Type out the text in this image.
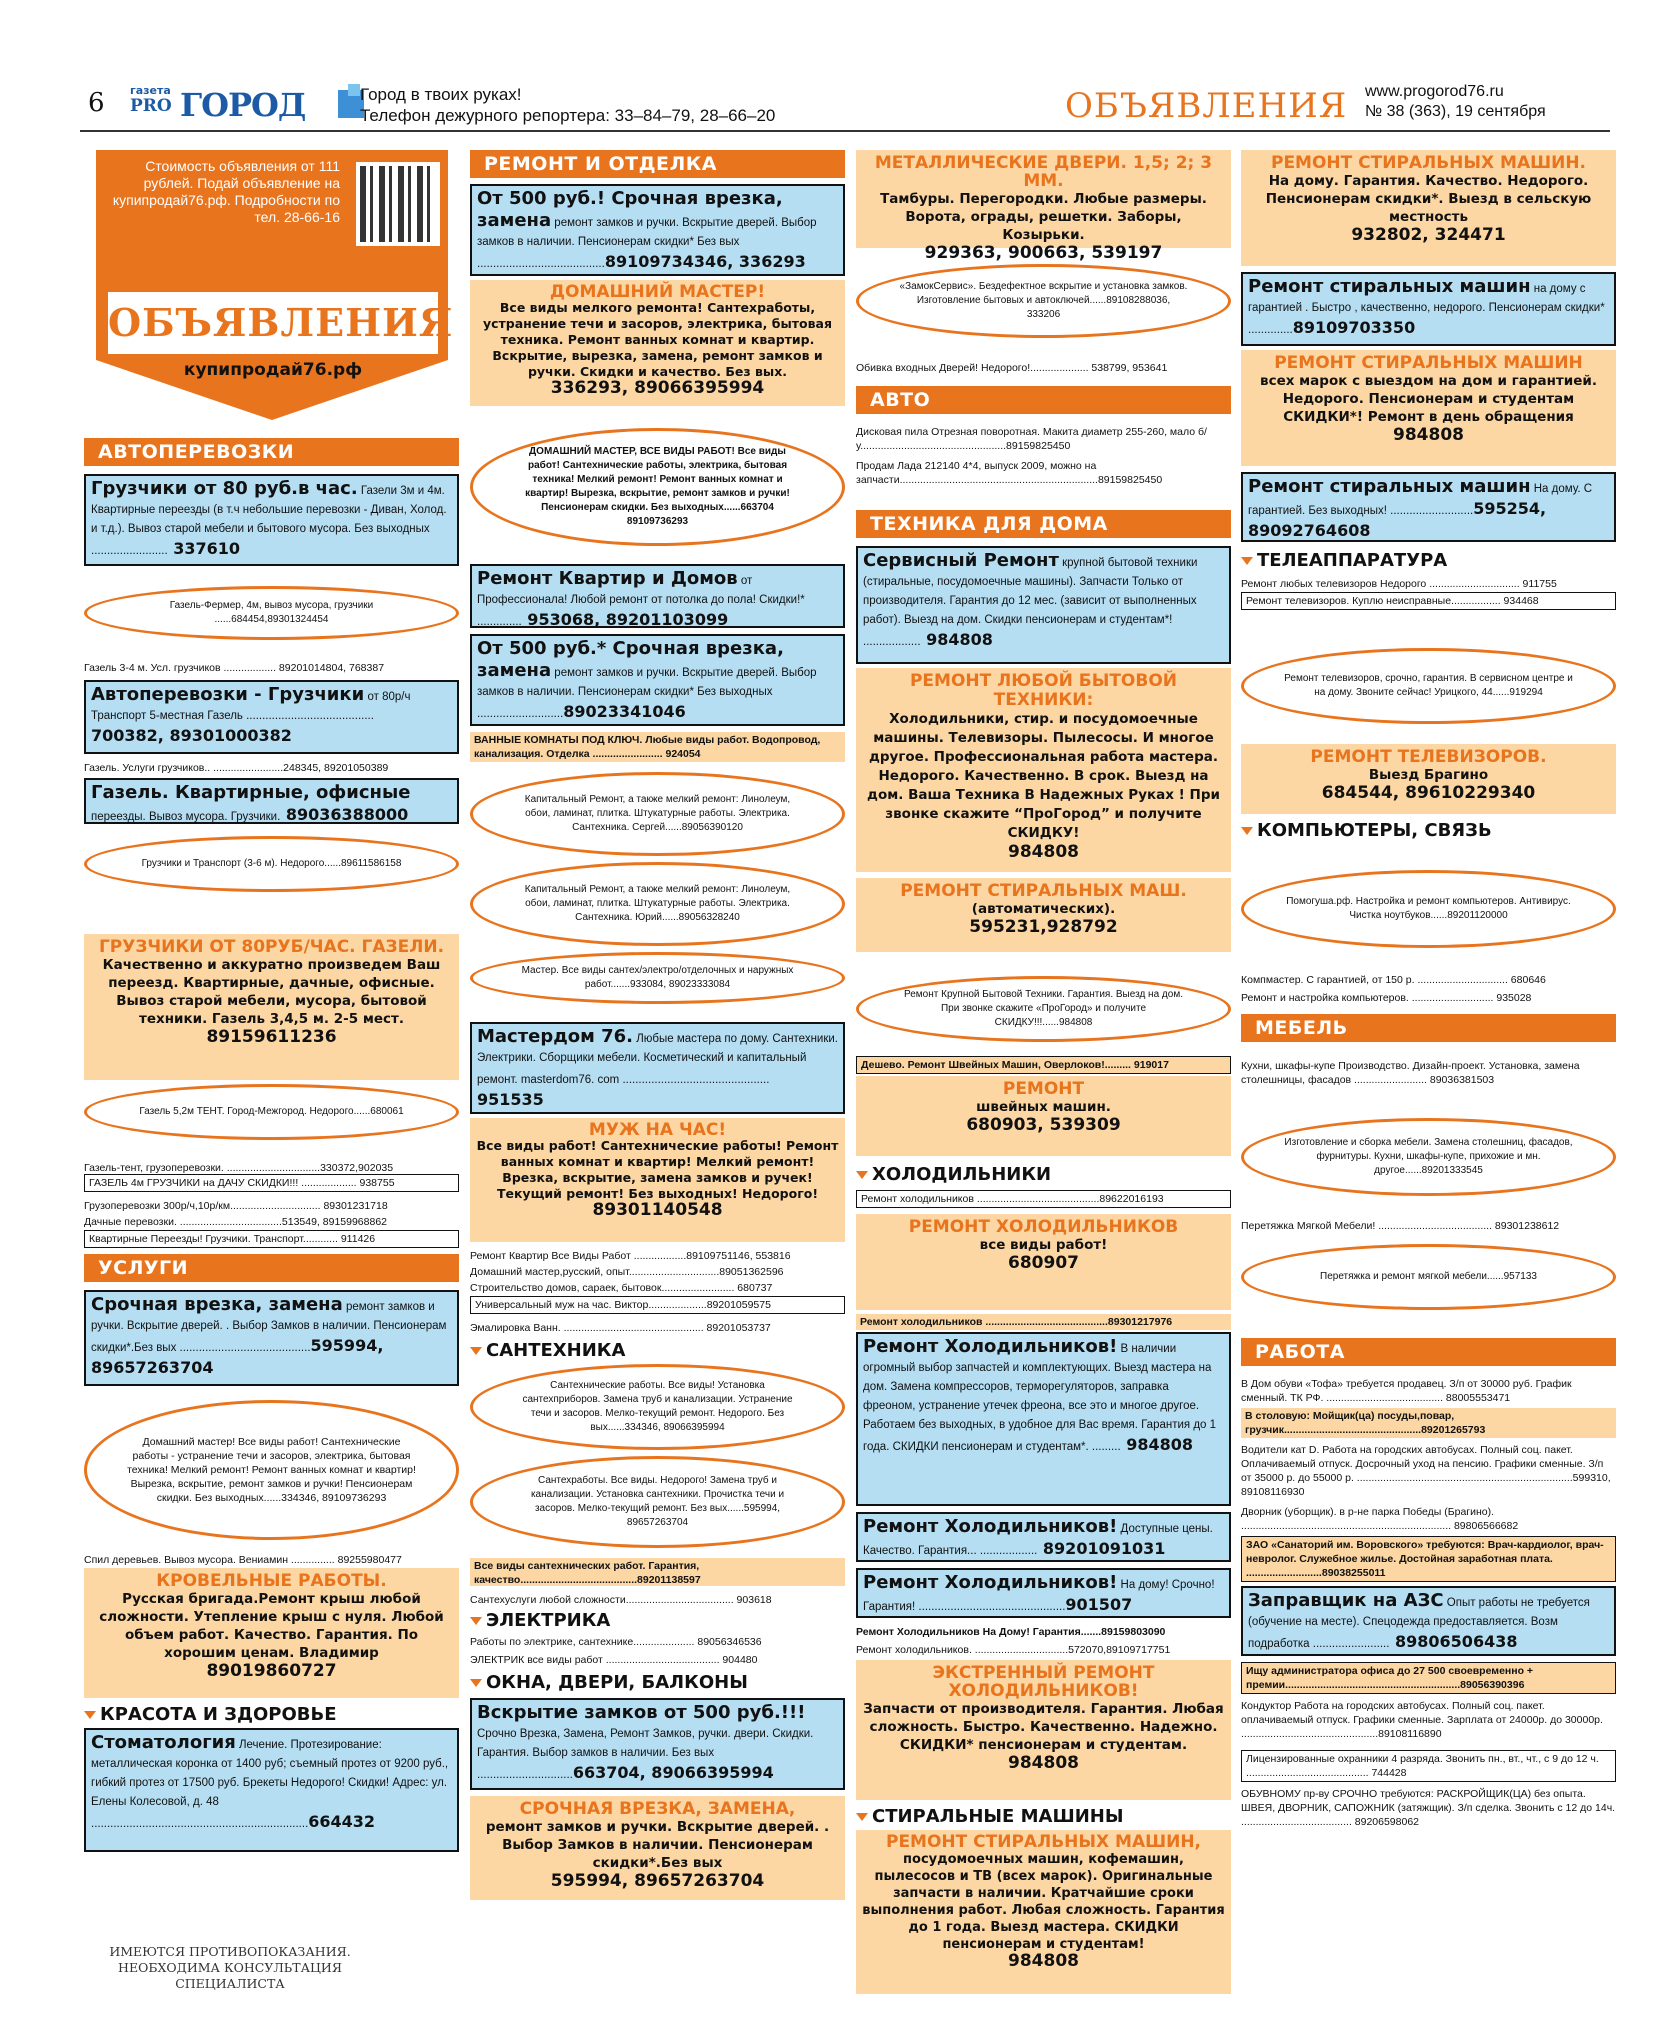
6 газета
PRO ГОРОД	Город в твоих руках!
Телефон дежурного репортера: 33–84–79, 28–66–20	ОБЪЯВЛЕНИЯ www.progorod76.ru
№ 38 (363), 19 сентября
Стоимость объявления от 111 рублей. Подай объявление на купипродай76.рф. Подробности по тел. 28-66-16
ОБЪЯВЛЕНИЯ
купипродай76.рф
АВТОПЕРЕВОЗКИ
Грузчики от 80 руб.в час. Газели 3м и 4м. Квартирные переезды (в т.ч небольшие перевозки - Диван, Холод. и т.д.). Вывоз старой мебели и бытового мусора. Без выходных ........................ 337610
Газель-Фермер, 4м, вывоз мусора, грузчики ......684454,89301324454
Газель 3-4 м. Усл. грузчиков .................. 89201014804, 768387
Автоперевозки - Грузчики от 80р/ч Транспорт 5-местная Газель ........................................
700382, 89301000382
Газель. Услуги грузчиков.. ........................248345, 89201050389
Газель. Квартирные, офисные переезды. Вывоз мусора. Грузчики. 89036388000
Грузчики и Транспорт (3-6 м). Недорого......89611586158
ГРУЗЧИКИ ОТ 80РУБ/ЧАС. ГАЗЕЛИ.
Качественно и аккуратно произведем Ваш переезд. Квартирные, дачные, офисные. Вывоз старой мебели, мусора, бытовой техники. Газель 3,4,5 м. 2-5 мест.
89159611236
Газель 5,2м ТЕНТ. Город-Межгород. Недорого......680061
Газель-тент, грузоперевозки. ................................330372,902035
ГАЗЕЛЬ 4м ГРУЗЧИКИ на ДАЧУ СКИДКИ!!! ................... 938755
Грузоперевозки 300р/ч,10р/км............................... 89301231718
Дачные перевозки. ...................................513549, 89159968862
Квартирные Переезды! Грузчики. Транспорт............ 911426
УСЛУГИ
Срочная врезка, замена ремонт замков и ручки. Вскрытие дверей. . Выбор Замков в наличии. Пенсионерам скидки*.Без вых .........................................595994, 89657263704
Домашний мастер! Все виды работ! Сантехнические работы - устранение течи и засоров, электрика, бытовая техника! Мелкий ремонт! Ремонт ванных комнат и квартир! Вырезка, вскрытие, ремонт замков и ручки! Пенсионерам скидки. Без выходных......334346, 89109736293
Спил деревьев. Вывоз мусора. Вениамин ............... 89255980477
КРОВЕЛЬНЫЕ РАБОТЫ.
Русская бригада.Ремонт крыш любой сложности. Утепление крыш с нуля. Любой объем работ. Качество. Гарантия. По хорошим ценам. Владимир
89019860727
КРАСОТА И ЗДОРОВЬЕ
Стоматология Лечение. Протезирование: металлическая коронка от 1400 руб; съемный протез от 9200 руб., гибкий протез от 17500 руб. Брекеты Недорого! Скидки! Адрес: ул. Елены Колесовой, д. 48 ....................................................................664432
ИМЕЮТСЯ ПРОТИВОПОКАЗАНИЯ. НЕОБХОДИМА КОНСУЛЬТАЦИЯ СПЕЦИАЛИСТА
РЕМОНТ И ОТДЕЛКА
От 500 руб.! Срочная врезка, замена ремонт замков и ручки. Вскрытие дверей. Выбор замков в наличии. Пенсионерам скидки* Без вых ........................................89109734346, 336293
ДОМАШНИЙ МАСТЕР!
Все виды мелкого ремонта! Сантехработы, устранение течи и засоров, электрика, бытовая техника. Ремонт ванных комнат и квартир. Вскрытие, вырезка, замена, ремонт замков и ручки. Скидки и качество. Без вых.
336293, 89066395994
ДОМАШНИЙ МАСТЕР, ВСЕ ВИДЫ РАБОТ! Все виды работ! Сантехнические работы, электрика, бытовая техника! Мелкий ремонт! Ремонт ванных комнат и квартир! Вырезка, вскрытие, ремонт замков и ручки! Пенсионерам скидки. Без выходных......663704 89109736293
Ремонт Квартир и Домов от Профессионала! Любой ремонт от потолка до пола! Скидки!* .............. 953068, 89201103099
От 500 руб.* Срочная врезка, замена ремонт замков и ручки. Вскрытие дверей. Выбор замков в наличии. Пенсионерам скидки* Без выходных ...........................89023341046
ВАННЫЕ КОМНАТЫ ПОД КЛЮЧ. Любые виды работ. Водопровод, канализация. Отделка ........................ 924054
Капитальный Ремонт, а также мелкий ремонт: Линолеум, обои, ламинат, плитка. Штукатурные работы. Электрика. Сантехника. Сергей......89056390120
Капитальный Ремонт, а также мелкий ремонт: Линолеум, обои, ламинат, плитка. Штукатурные работы. Электрика. Сантехника. Юрий......89056328240
Мастер. Все виды сантех/электро/отделочных и наружных работ.......933084, 89023333084
Мастердом 76. Любые мастера по дому. Сантехники. Электрики. Сборщики мебели. Косметический и капитальный ремонт. masterdom76. com .............................................. 951535
МУЖ НА ЧАС!
Все виды работ! Сантехнические работы! Ремонт ванных комнат и квартир! Мелкий ремонт! Врезка, вскрытие, замена замков и ручек! Текущий ремонт! Без выходных! Недорого!
89301140548
Ремонт Квартир Все Виды Работ ..................89109751146, 553816
Домашний мастер,русский, опыт...............................89051362596
Строительство домов, сараек, бытовок......................... 680737
Универсальный муж на час. Виктор....................89201059575
Эмалировка Ванн. ................................................ 89201053737
САНТЕХНИКА
Сантехнические работы. Все виды! Установка сантехприборов. Замена труб и канализации. Устранение течи и засоров. Мелко-текущий ремонт. Недорого. Без вых......334346, 89066395994
Сантехработы. Все виды. Недорого! Замена труб и канализации. Установка сантехники. Прочистка течи и засоров. Мелко-текущий ремонт. Без вых......595994, 89657263704
Все виды сантехнических работ. Гарантия, качество........................................89201138597
Сантехуслуги любой сложности..................................... 903618
ЭЛЕКТРИКА
Работы по электрике, сантехнике..................... 89056346536
ЭЛЕКТРИК все виды работ ....................................... 904480
ОКНА, ДВЕРИ, БАЛКОНЫ
Вскрытие замков от 500 руб.!!! Срочно Врезка, Замена, Ремонт Замков, ручки. двери. Скидки. Гарантия. Выбор замков в наличии. Без вых ..............................663704, 89066395994
СРОЧНАЯ ВРЕЗКА, ЗАМЕНА,
ремонт замков и ручки. Вскрытие дверей. . Выбор Замков в наличии. Пенсионерам скидки*.Без вых
595994, 89657263704
МЕТАЛЛИЧЕСКИЕ ДВЕРИ. 1,5; 2; 3 ММ.
Тамбуры. Перегородки. Любые размеры. Ворота, ограды, решетки. Заборы, Козырьки.
929363, 900663, 539197
«ЗамокСервис». Бездефектное вскрытие и установка замков. Изготовление бытовых и автоключей......89108288036, 333206
Обивка входных Дверей! Недорого!.................... 538799, 953641
АВТО
Дисковая пила Отрезная поворотная. Макита диаметр 255-260, мало б/у..................................................89159825450
Продам Лада 212140 4*4, выпуск 2009, можно на запчасти....................................................................89159825450
ТЕХНИКА ДЛЯ ДОМА
Сервисный Ремонт крупной бытовой техники (стиральные, посудомоечные машины). Запчасти Только от производителя. Гарантия до 12 мес. (зависит от выполненных работ). Выезд на дом. Скидки пенсионерам и студентам*! .................. 984808
РЕМОНТ ЛЮБОЙ БЫТОВОЙ ТЕХНИКИ:
Холодильники, стир. и посудомоечные машины. Телевизоры. Пылесосы. И многое другое. Профессиональная работа мастера. Недорого. Качественно. В срок. Выезд на дом. Ваша Техника В Надежных Руках ! При звонке скажите “ПроГород” и получите СКИДКУ!
984808
РЕМОНТ СТИРАЛЬНЫХ МАШ.
(автоматических).
595231,928792
Ремонт Крупной Бытовой Техники. Гарантия. Выезд на дом. При звонке скажите «ПроГород» и получите СКИДКУ!!!......984808
Дешево. Ремонт Швейных Машин, Оверлоков!......... 919017
РЕМОНТ
швейных машин.
680903, 539309
ХОЛОДИЛЬНИКИ
Ремонт холодильников ..........................................89622016193
РЕМОНТ ХОЛОДИЛЬНИКОВ
все виды работ!
680907
Ремонт холодильников ..........................................89301217976
Ремонт Холодильников! В наличии огромный выбор запчастей и комплектующих. Выезд мастера на дом. Замена компрессоров, терморегуляторов, заправка фреоном, устранение утечек фреона, все это и многое другое. Работаем без выходных, в удобное для Вас время. Гарантия до 1 года. СКИДКИ пенсионерам и студентам*. ......... 984808
Ремонт Холодильников! Доступные цены. Качество. Гарантия... .................. 89201091031
Ремонт Холодильников! На дому! Срочно! Гарантия! ..............................................901507
Ремонт Холодильников На Дому! Гарантия.......89159803090
Ремонт холодильников. ................................572070,89109717751
ЭКСТРЕННЫЙ РЕМОНТ ХОЛОДИЛЬНИКОВ!
Запчасти от производителя. Гарантия. Любая сложность. Быстро. Качественно. Надежно. СКИДКИ* пенсионерам и студентам.
984808
СТИРАЛЬНЫЕ МАШИНЫ
РЕМОНТ СТИРАЛЬНЫХ МАШИН,
посудомоечных машин, кофемашин, пылесосов и ТВ (всех марок). Оригинальные запчасти в наличии. Кратчайшие сроки выполнения работ. Любая сложность. Гарантия до 1 года. Выезд мастера. СКИДКИ пенсионерам и студентам!
984808
РЕМОНТ СТИРАЛЬНЫХ МАШИН.
На дому. Гарантия. Качество. Недорого. Пенсионерам скидки*. Выезд в сельскую местность
932802, 324471
Ремонт стиральных машин на дому с гарантией . Быстро , качественно, недорого. Пенсионерам скидки* ..............89109703350
РЕМОНТ СТИРАЛЬНЫХ МАШИН
всех марок с выездом на дом и гарантией. Недорого. Пенсионерам и студентам СКИДКИ*! Ремонт в день обращения
984808
Ремонт стиральных машин На дому. С гарантией. Без выходных! ..........................595254, 89092764608
ТЕЛЕАППАРАТУРА
Ремонт любых телевизоров Недорого ............................... 911755
Ремонт телевизоров. Куплю неисправные................. 934468
Ремонт телевизоров, срочно, гарантия. В сервисном центре и на дому. Звоните сейчас! Урицкого, 44......919294
РЕМОНТ ТЕЛЕВИЗОРОВ.
Выезд Брагино
684544, 89610229340
КОМПЬЮТЕРЫ, СВЯЗЬ
Помогуша.рф. Настройка и ремонт компьютеров. Антивирус. Чистка ноутбуков......89201120000
Компмастер. С гарантией, от 150 р. ............................... 680646
Ремонт и настройка компьютеров. ............................ 935028
МЕБЕЛЬ
Кухни, шкафы-купе Производство. Дизайн-проект. Установка, замена столешницы, фасадов ......................... 89036381503
Изготовление и сборка мебели. Замена столешниц, фасадов, фурнитуры. Кухни, шкафы-купе, прихожие и мн. другое......89201333545
Перетяжка Мягкой Мебели! ....................................... 89301238612
Перетяжка и ремонт мягкой мебели......957133
РАБОТА
В Дом обуви «Тофа» требуется продавец. З/п от 30000 руб. График сменный. ТК РФ. ........................................ 88005553471
В столовую: Мойщик(ца) посуды,повар, грузчик...............................................89201265793
Водители кат D. Работа на городских автобусах. Полный соц. пакет. Оплачиваемый отпуск. Досрочный уход на пенсию. Графики сменные. З/п от 35000 р. до 55000 р. ..........................................................................599310, 89108116930
Дворник (уборщик). в р-не парка Победы (Брагино). ........................................................................ 89806566682
ЗАО «Санаторий им. Воровского» требуются: Врач-кардиолог, врач-невролог. Служебное жилье. Достойная заработная плата. ..........................89038255011
Заправщик на АЗС Опыт работы не требуется (обучение на месте). Спецодежда предоставляется. Возм подработка ........................ 89806506438
Ищу администратора офиса до 27 500 своевременно + премии............................................................89056390396
Кондуктор Работа на городских автобусах. Полный соц. пакет. оплачиваемый отпуск. Графики сменные. Зарплата от 24000р. до 30000р. ...............................................89108116890
Лицензированные охранники 4 разряда. Звонить пн., вт., чт., с 9 до 12 ч. .......................................... 744428
ОБУВНОМУ пр-ву СРОЧНО требуются: РАСКРОЙЩИК(ЦА) без опыта. ШВЕЯ, ДВОРНИК, САПОЖНИК (затяжщик). З/п сделка. Звонить с 12 до 14ч. ...................................... 89206598062
